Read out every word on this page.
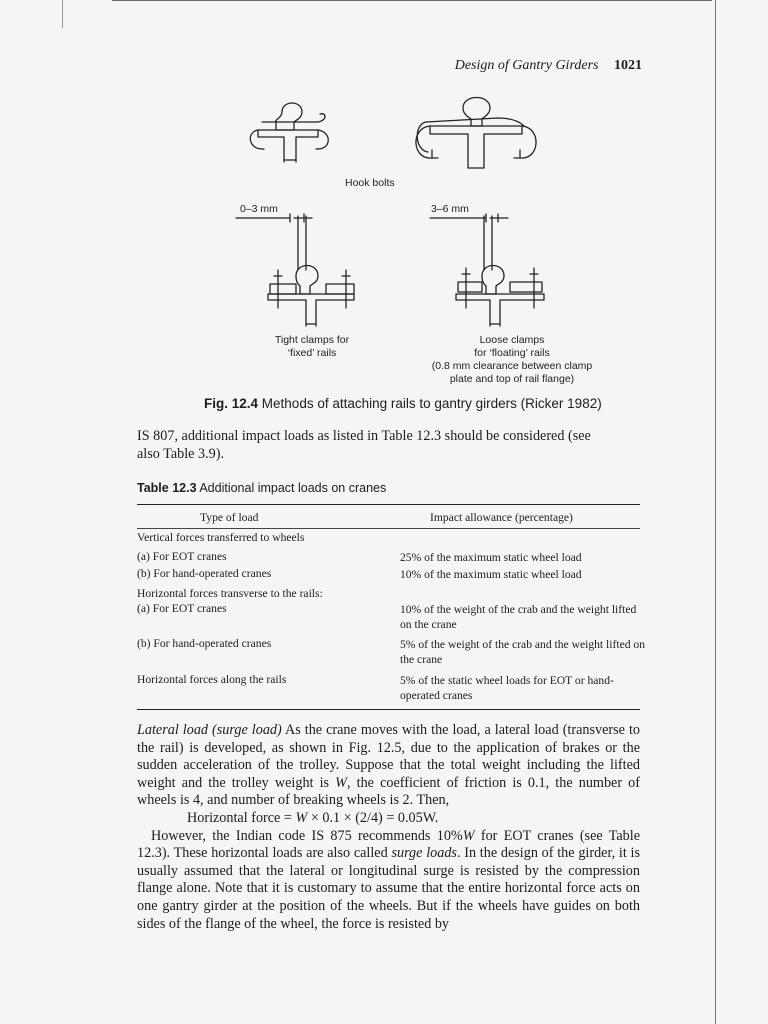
Design of Gantry Girders 1021
Hook bolts
0–3 mm	3–6 mm
Tight clamps for
‘fixed’ rails
Loose clamps
for ‘floating’ rails
(0.8 mm clearance between clamp
plate and top of rail flange)
Fig. 12.4 Methods of attaching rails to gantry girders (Ricker 1982)

IS 807, additional impact loads as listed in Table 12.3 should be considered (see

also Table 3.9).

Table 12.3 Additional impact loads on cranes
Type of load	Impact allowance (percentage)
Vertical forces transferred to wheels
(a) For EOT cranes	25% of the maximum static wheel load
(b) For hand-operated cranes	10% of the maximum static wheel load
Horizontal forces transverse to the rails:
(a) For EOT cranes	10% of the weight of the crab and the weight lifted on the crane
(b) For hand-operated cranes	5% of the weight of the crab and the weight lifted on the crane
Horizontal forces along the rails	5% of the static wheel loads for EOT or hand-operated cranes

Lateral load (surge load) As the crane moves with the load, a lateral load (transverse to the rail) is developed, as shown in Fig. 12.5, due to the application of brakes or the sudden acceleration of the trolley. Suppose that the total weight including the lifted weight and the trolley weight is W, the coefficient of friction is 0.1, the number of wheels is 4, and number of breaking wheels is 2. Then,

Horizontal force = W × 0.1 × (2/4) = 0.05W.

However, the Indian code IS 875 recommends 10%W for EOT cranes (see Table 12.3). These horizontal loads are also called surge loads. In the design of the girder, it is usually assumed that the lateral or longitudinal surge is resisted by the compression flange alone. Note that it is customary to assume that the entire horizontal force acts on one gantry girder at the position of the wheels. But if the wheels have guides on both sides of the flange of the wheel, the force is resisted by
